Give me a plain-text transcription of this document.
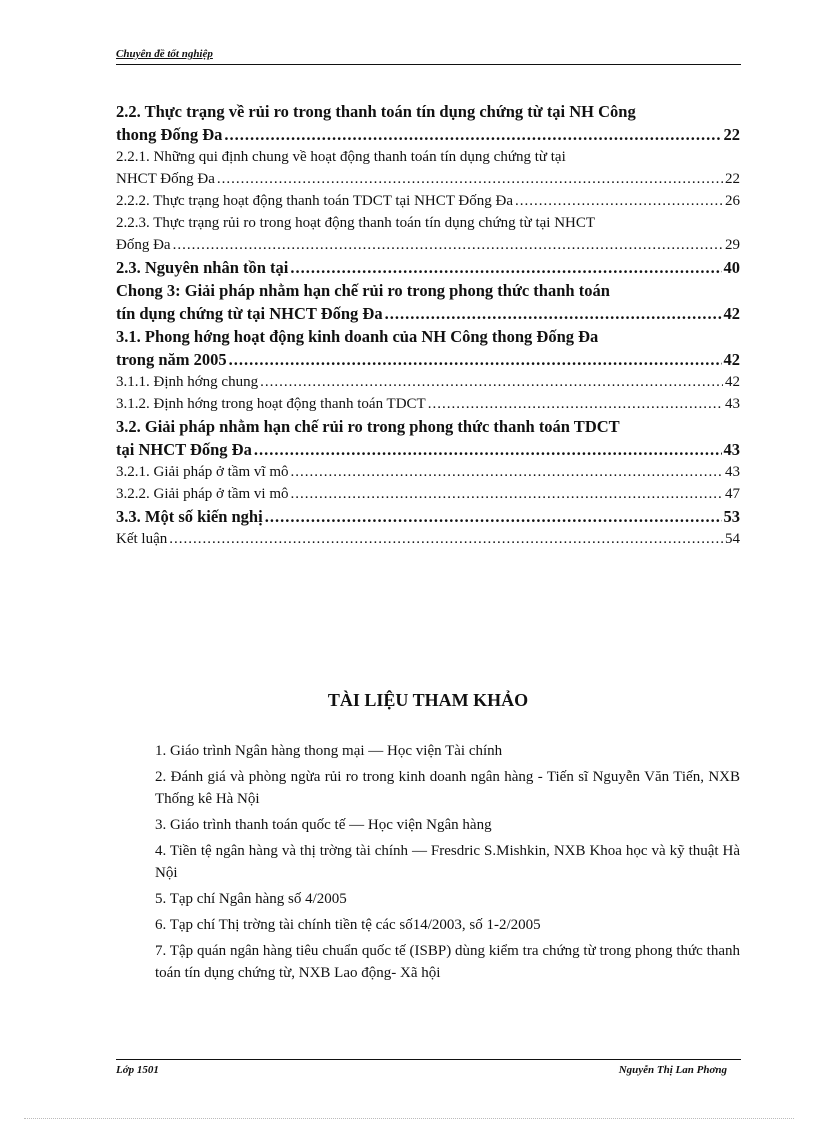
Chuyên đề tốt nghiệp
2.2. Thực trạng về rủi ro trong thanh toán tín dụng chứng từ tại NH Công
thong Đống Đa .....	22
2.2.1. Những qui định chung về hoạt động thanh toán tín dụng chứng từ tại
NHCT Đống Đa .....	22
2.2.2. Thực trạng hoạt động thanh toán TDCT tại NHCT Đống Đa .....	26
2.2.3. Thực trạng rủi ro trong hoạt động thanh toán tín dụng chứng từ tại NHCT
Đống Đa .....	29
2.3. Nguyên nhân tồn tại .....	40
Chong 3: Giải pháp nhằm hạn chế rủi ro trong phong thức thanh toán
tín dụng chứng từ tại NHCT Đống Đa .....	42
3.1. Phong hớng hoạt động kinh doanh của NH Công thong Đống Đa
trong năm 2005 .....	42
3.1.1. Định hớng chung .....	42
3.1.2. Định hớng trong hoạt động thanh toán TDCT .....	43
3.2. Giải pháp nhằm hạn chế rủi ro trong phong thức thanh toán TDCT
tại NHCT Đống Đa .....	43
3.2.1. Giải pháp ở tầm vĩ mô .....	43
3.2.2. Giải pháp ở tầm vi mô .....	47
3.3. Một số kiến nghị .....	53
Kết luận .....	54
TÀI LIỆU THAM KHẢO
1. Giáo trình Ngân hàng thong mại — Học viện Tài chính
2. Đánh giá và phòng ngừa rủi ro trong kinh doanh ngân hàng - Tiến sĩ Nguyễn Văn Tiến, NXB Thống kê Hà Nội
3. Giáo trình thanh toán quốc tế — Học viện Ngân hàng
4. Tiền tệ ngân hàng và thị trờng tài chính — Fresdric S.Mishkin, NXB Khoa học và kỹ thuật Hà Nội
5. Tạp chí Ngân hàng số 4/2005
6. Tạp chí Thị trờng tài chính tiền tệ các số14/2003, số 1-2/2005
7. Tập quán ngân hàng tiêu chuẩn quốc tế (ISBP) dùng kiểm tra chứng từ trong phong thức thanh toán tín dụng chứng từ, NXB Lao động- Xã hội
Lớp 1501	Nguyễn Thị Lan Phơng
